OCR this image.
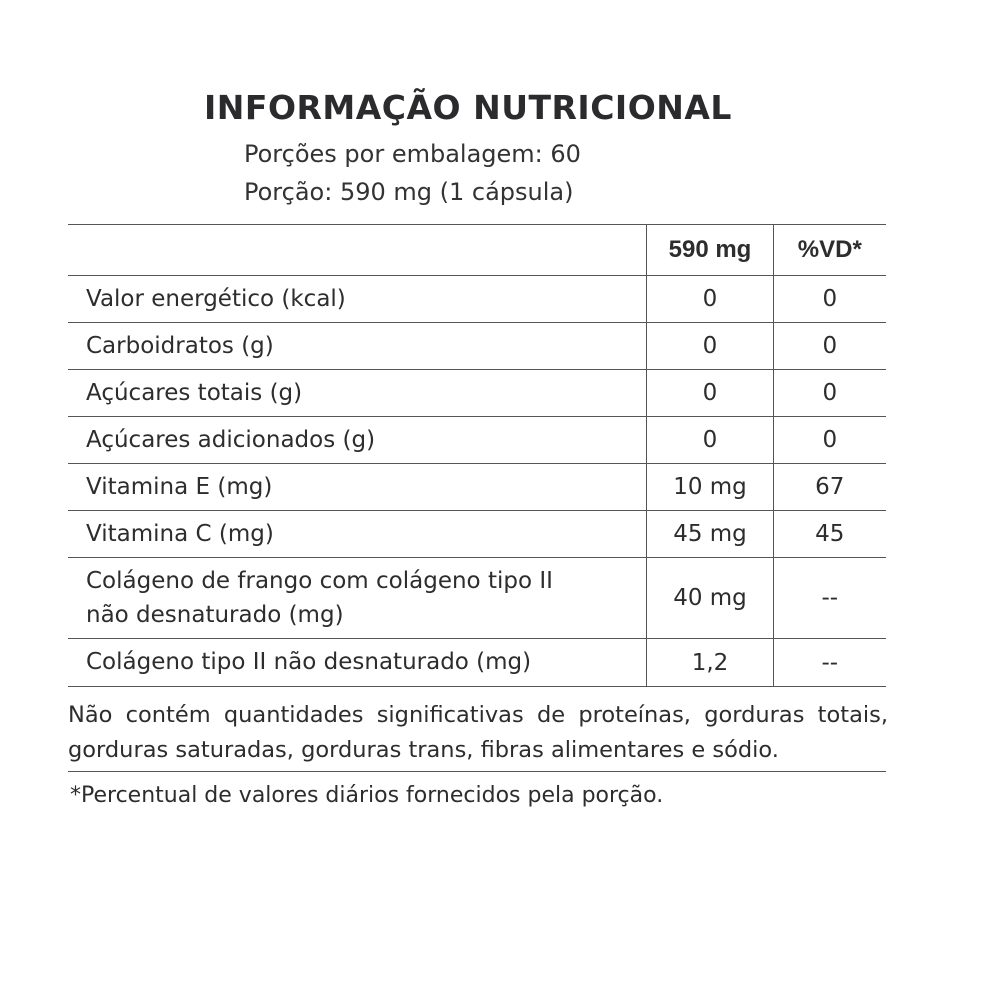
INFORMAÇÃO NUTRICIONAL
Porções por embalagem: 60
Porção: 590 mg (1 cápsula)
	590 mg	%VD*
Valor energético (kcal)	0	0
Carboidratos (g)	0	0
Açúcares totais (g)	0	0
Açúcares adicionados (g)	0	0
Vitamina E (mg)	10 mg	67
Vitamina C (mg)	45 mg	45

Colágeno de frango com colágeno tipo II
não desnaturado (mg)	40 mg	--
Colágeno tipo II não desnaturado (mg)	1,2	--
Não contém quantidades significativas de proteínas, gorduras totais, gorduras saturadas, gorduras trans, fibras alimentares e sódio.
*Percentual de valores diários fornecidos pela porção.
